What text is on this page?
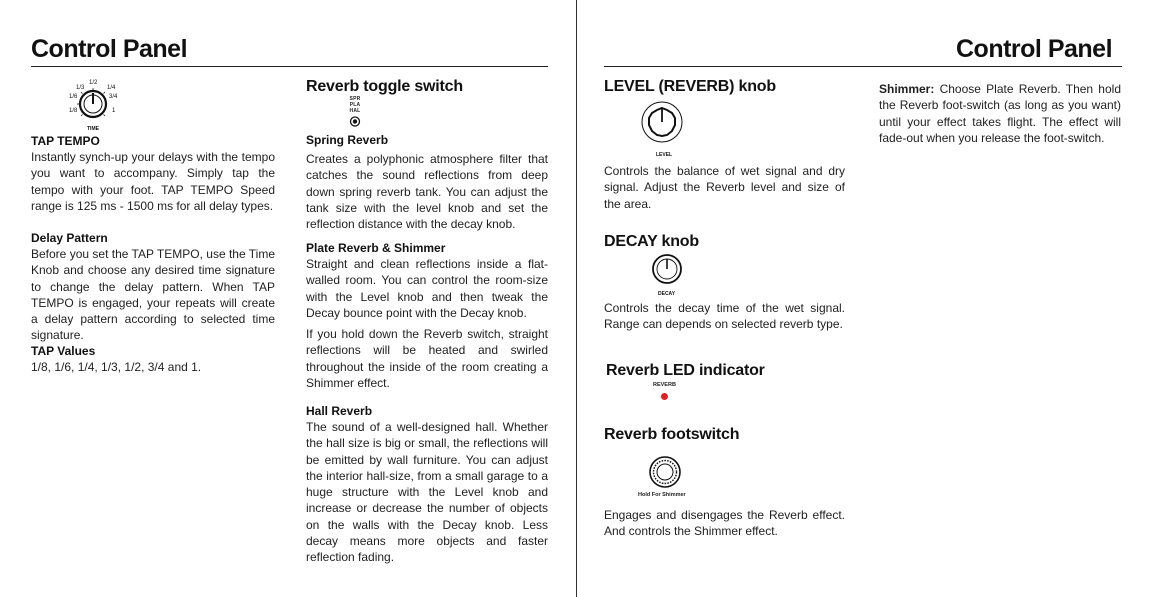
Control Panel
1/3
1/2
1/4
1/6	3/4
1/8	1
TIME
TAP TEMPO
Instantly synch-up your delays with the tempo you want to accompany. Simply tap the tempo with your foot. TAP TEMPO Speed range is 125 ms - 1500 ms for all delay types.
Delay Pattern
Before you set the TAP TEMPO, use the Time Knob and choose any desired time signature to change the delay pattern. When TAP TEMPO is engaged, your repeats will create a delay pattern according to selected time signature.
TAP Values
1/8, 1/6, 1/4, 1/3, 1/2, 3/4 and 1.
Reverb toggle switch
SPR
PLA
HAL
Spring Reverb
Creates a polyphonic atmosphere filter that catches the sound reflections from deep down spring reverb tank. You can adjust the tank size with the level knob and set the reflection distance with the decay knob.
Plate Reverb & Shimmer
Straight and clean reflections inside a flat-walled room. You can control the room-size with the Level knob and then tweak the Decay bounce point with the Decay knob.
If you hold down the Reverb switch, straight reflections will be heated and swirled throughout the inside of the room creating a Shimmer effect.
Hall Reverb
The sound of a well-designed hall. Whether the hall size is big or small, the reflections will be emitted by wall furniture. You can adjust the interior hall-size, from a small garage to a huge structure with the Level knob and increase or decrease the number of objects on the walls with the Decay knob. Less decay means more objects and faster reflection fading.
Control Panel
LEVEL (REVERB) knob
LEVEL
Controls the balance of wet signal and dry signal. Adjust the Reverb level and size of the area.
DECAY knob
DECAY
Controls the decay time of the wet signal. Range can depends on selected reverb type.
Reverb LED indicator
REVERB
Reverb footswitch
Hold For Shimmer
Engages and disengages the Reverb effect. And controls the Shimmer effect.
Shimmer: Choose Plate Reverb. Then hold the Reverb foot-switch (as long as you want) until your effect takes flight. The effect will fade-out when you release the foot-switch.
